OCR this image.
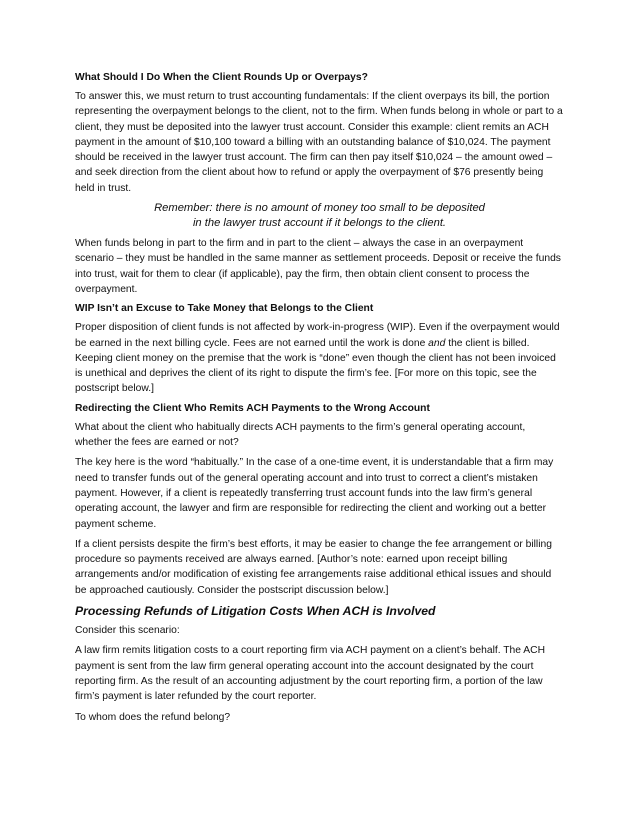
What Should I Do When the Client Rounds Up or Overpays?

To answer this, we must return to trust accounting fundamentals: If the client overpays its bill, the portion representing the overpayment belongs to the client, not to the firm. When funds belong in whole or part to a client, they must be deposited into the lawyer trust account. Consider this example: client remits an ACH payment in the amount of $10,100 toward a billing with an outstanding balance of $10,024. The payment should be received in the lawyer trust account. The firm can then pay itself $10,024 – the amount owed – and seek direction from the client about how to refund or apply the overpayment of $76 presently being held in trust.

Remember: there is no amount of money too small to be deposited
in the lawyer trust account if it belongs to the client.

When funds belong in part to the firm and in part to the client – always the case in an overpayment scenario – they must be handled in the same manner as settlement proceeds. Deposit or receive the funds into trust, wait for them to clear (if applicable), pay the firm, then obtain client consent to process the overpayment.

WIP Isn’t an Excuse to Take Money that Belongs to the Client

Proper disposition of client funds is not affected by work-in-progress (WIP). Even if the overpayment would be earned in the next billing cycle. Fees are not earned until the work is done and the client is billed. Keeping client money on the premise that the work is “done” even though the client has not been invoiced is unethical and deprives the client of its right to dispute the firm’s fee. [For more on this topic, see the postscript below.]

Redirecting the Client Who Remits ACH Payments to the Wrong Account

What about the client who habitually directs ACH payments to the firm’s general operating account, whether the fees are earned or not?

The key here is the word “habitually.” In the case of a one-time event, it is understandable that a firm may need to transfer funds out of the general operating account and into trust to correct a client’s mistaken payment. However, if a client is repeatedly transferring trust account funds into the law firm’s general operating account, the lawyer and firm are responsible for redirecting the client and working out a better payment scheme.

If a client persists despite the firm’s best efforts, it may be easier to change the fee arrangement or billing procedure so payments received are always earned. [Author’s note: earned upon receipt billing arrangements and/or modification of existing fee arrangements raise additional ethical issues and should be approached cautiously. Consider the postscript discussion below.]

Processing Refunds of Litigation Costs When ACH is Involved

Consider this scenario:

A law firm remits litigation costs to a court reporting firm via ACH payment on a client’s behalf. The ACH payment is sent from the law firm general operating account into the account designated by the court reporting firm. As the result of an accounting adjustment by the court reporting firm, a portion of the law firm’s payment is later refunded by the court reporter.

To whom does the refund belong?
